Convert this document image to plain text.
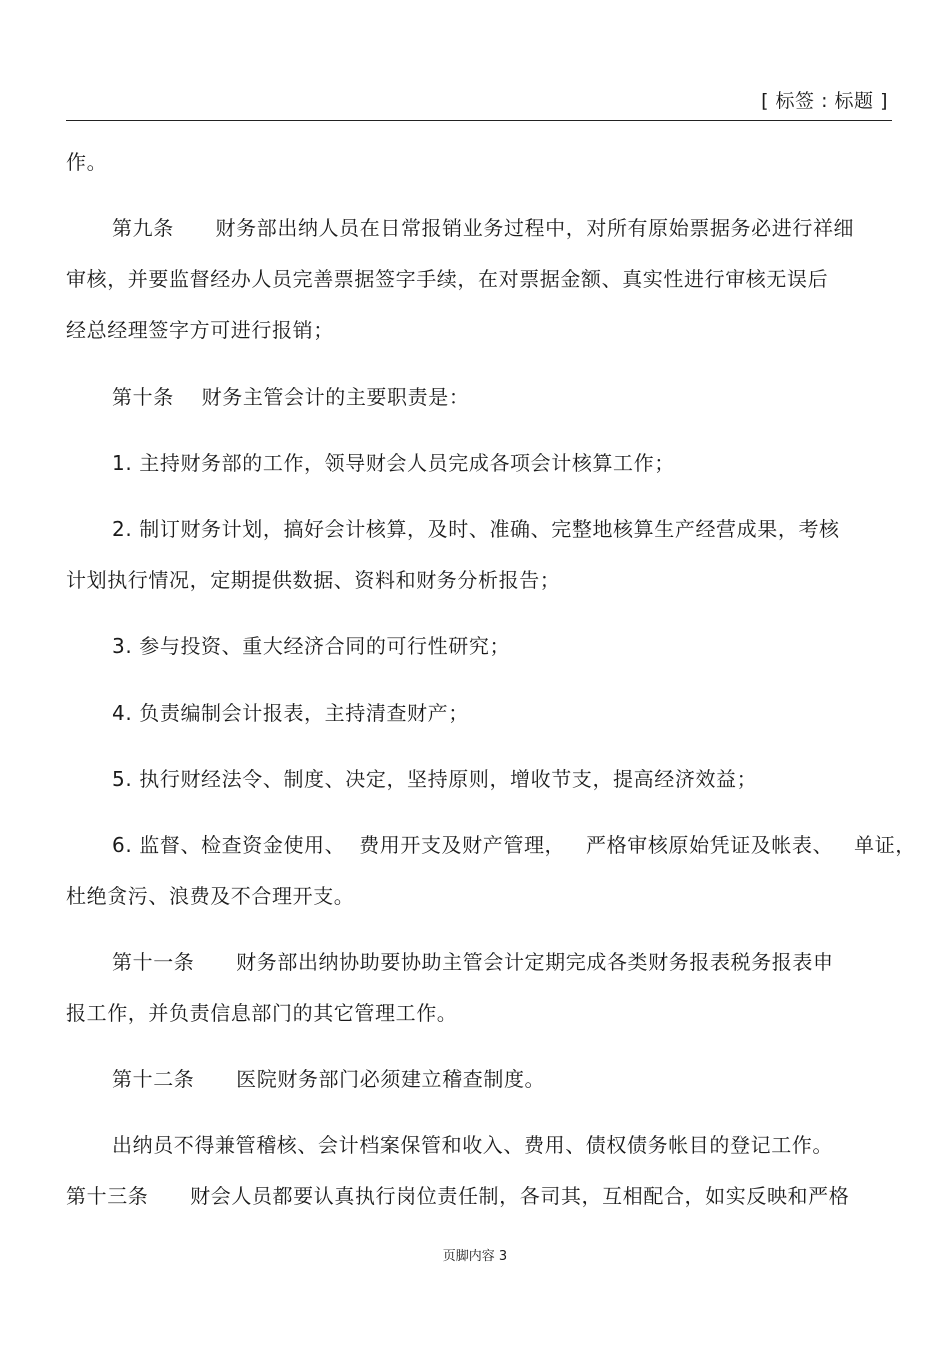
[ 标签 : 标题 ]
作。
第九条      财务部出纳人员在日常报销业务过程中，对所有原始票据务必进行祥细
审核，并要监督经办人员完善票据签字手续，在对票据金额、真实性进行审核无误后
经总经理签字方可进行报销；
第十条    财务主管会计的主要职责是：
1. 主持财务部的工作，领导财会人员完成各项会计核算工作；
2. 制订财务计划，搞好会计核算，及时、准确、完整地核算生产经营成果，考核
计划执行情况，定期提供数据、资料和财务分析报告；
3. 参与投资、重大经济合同的可行性研究；
4. 负责编制会计报表，主持清查财产；
5. 执行财经法令、制度、决定，坚持原则，增收节支，提高经济效益；
6. 监督、检查资金使用、  费用开支及财产管理，   严格审核原始凭证及帐表、   单证，
杜绝贪污、浪费及不合理开支。
第十一条      财务部出纳协助要协助主管会计定期完成各类财务报表税务报表申
报工作，并负责信息部门的其它管理工作。
第十二条      医院财务部门必须建立稽查制度。
出纳员不得兼管稽核、会计档案保管和收入、费用、债权债务帐目的登记工作。
第十三条      财会人员都要认真执行岗位责任制，各司其，互相配合，如实反映和严格
页脚内容 3
